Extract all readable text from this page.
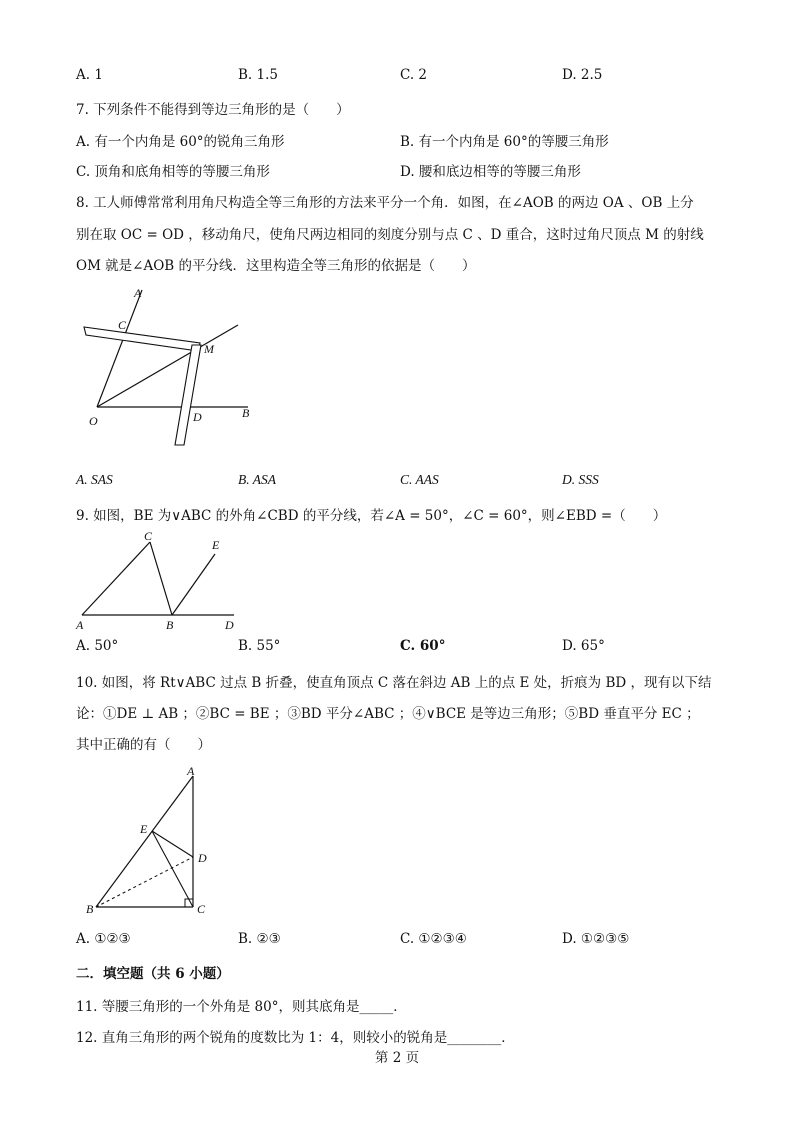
A. 1	B. 1.5	C. 2	D. 2.5
7. 下列条件不能得到等边三角形的是（　　）
A. 有一个内角是 60°的锐角三角形	B. 有一个内角是 60°的等腰三角形
C. 顶角和底角相等的等腰三角形	D. 腰和底边相等的等腰三角形
8. 工人师傅常常利用角尺构造全等三角形的方法来平分一个角．如图，在∠AOB 的两边 OA 、OB 上分
别在取 OC = OD ，移动角尺，使角尺两边相同的刻度分别与点 C 、D 重合，这时过角尺顶点 M 的射线
OM 就是∠AOB 的平分线．这里构造全等三角形的依据是（　　）
A
C
M
O	D	B
A. SAS	B. ASA	C. AAS	D. SSS
9. 如图，BE 为∨ABC 的外角∠CBD 的平分线，若∠A = 50°，∠C = 60°，则∠EBD =（　　）
C
E
A	B	D
A. 50°	B. 55°	C. 60°	D. 65°
10. 如图，将 Rt∨ABC 过点 B 折叠，使直角顶点 C 落在斜边 AB 上的点 E 处，折痕为 BD ，现有以下结
论：①DE ⊥ AB ；②BC = BE ；③BD 平分∠ABC ；④∨BCE 是等边三角形；⑤BD 垂直平分 EC ；
其中正确的有（　　）
A
E
D
B	C
A. ①②③	B. ②③	C. ①②③④	D. ①②③⑤
二．填空题（共 6 小题）
11. 等腰三角形的一个外角是 80°，则其底角是_____．
12. 直角三角形的两个锐角的度数比为 1：4，则较小的锐角是________．
第 2 页
